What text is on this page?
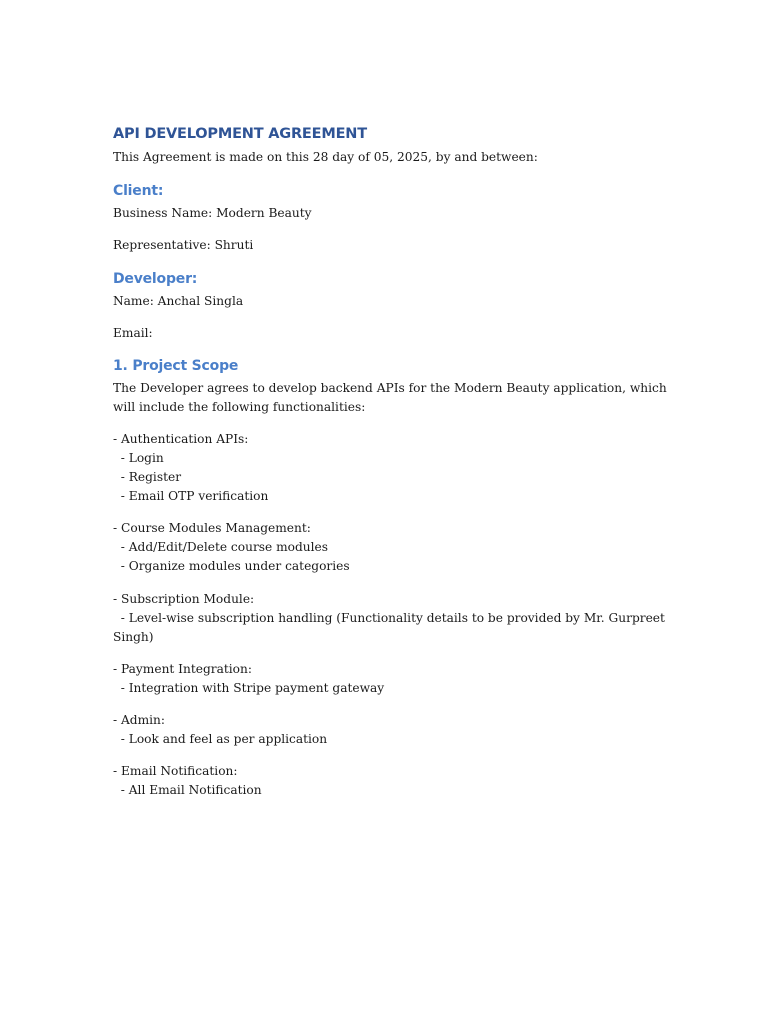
API DEVELOPMENT AGREEMENT

This Agreement is made on this 28 day of 05, 2025, by and between:

Client:

Business Name: Modern Beauty

Representative: Shruti

Developer:

Name: Anchal Singla

Email:

1. Project Scope

The Developer agrees to develop backend APIs for the Modern Beauty application, which

will include the following functionalities:

- Authentication APIs:

- Login

- Register

- Email OTP verification

- Course Modules Management:

- Add/Edit/Delete course modules

- Organize modules under categories

- Subscription Module:

- Level-wise subscription handling (Functionality details to be provided by Mr. Gurpreet

Singh)

- Payment Integration:

- Integration with Stripe payment gateway

- Admin:

- Look and feel as per application

- Email Notification:

- All Email Notification
